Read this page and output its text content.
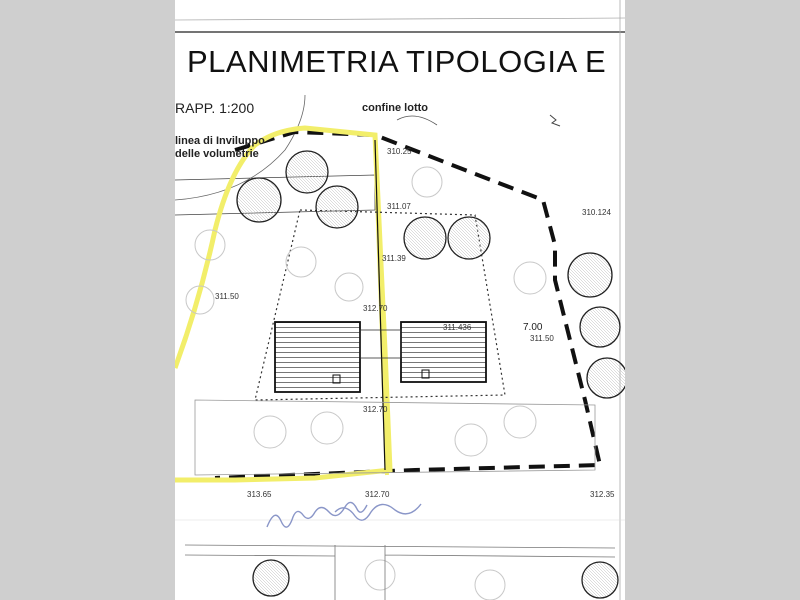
PLANIMETRIA TIPOLOGIA E
RAPP. 1:200	confine lotto
linea di Inviluppo delle volumetrie
7.00
310.25
310.124
311.07
311.39
311.50
312.70
311.436
311.50
312.70
313.65	312.70	312.35
